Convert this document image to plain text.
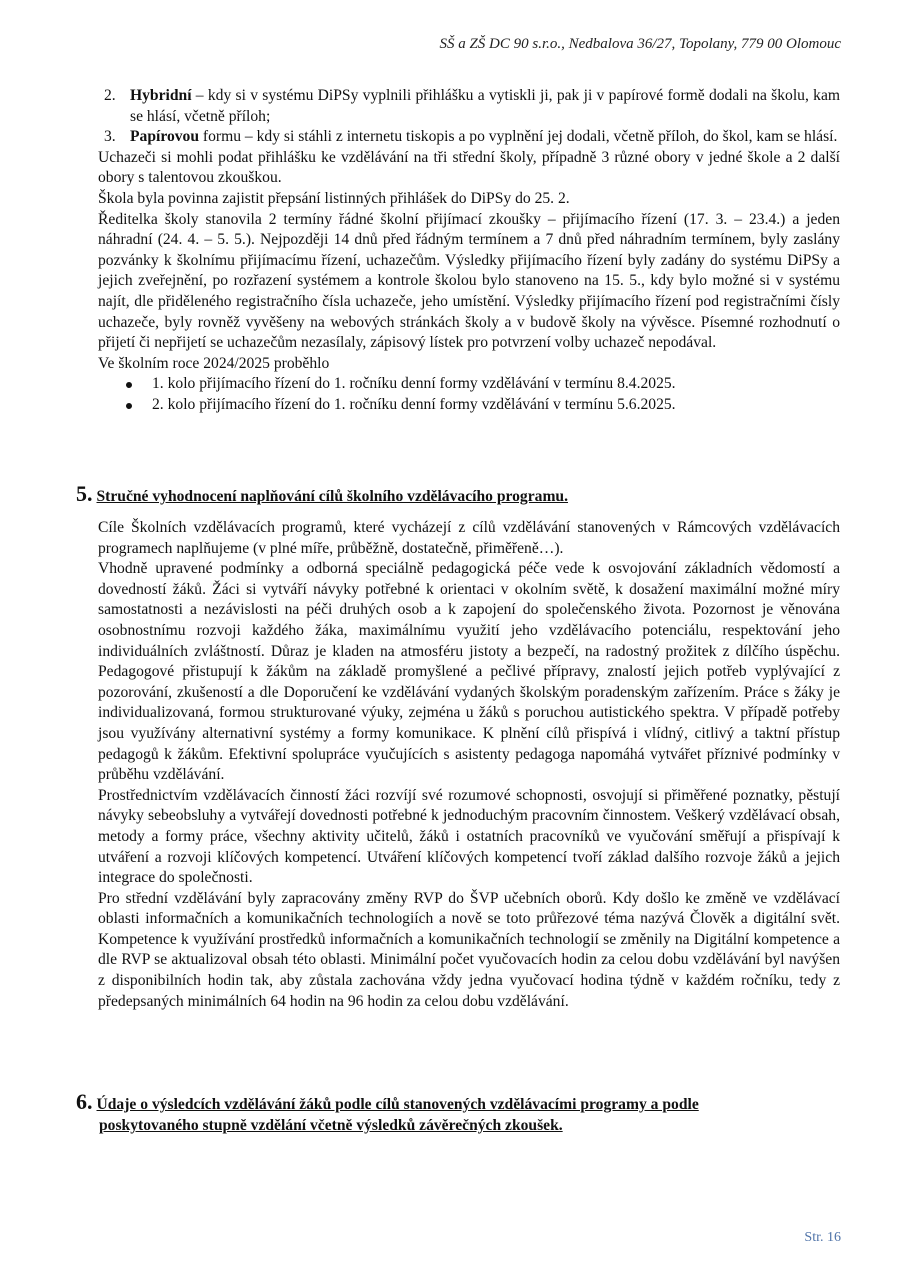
SŠ a ZŠ DC 90 s.r.o., Nedbalova 36/27, Topolany, 779 00 Olomouc
2. Hybridní – kdy si v systému DiPSy vyplnili přihlášku a vytiskli ji, pak ji v papírové formě dodali na školu, kam se hlásí, včetně příloh;
3. Papírovou formu – kdy si stáhli z internetu tiskopis a po vyplnění jej dodali, včetně příloh, do škol, kam se hlásí.

Uchazeči si mohli podat přihlášku ke vzdělávání na tři střední školy, případně 3 různé obory v jedné škole a 2 další obory s talentovou zkouškou.

Škola byla povinna zajistit přepsání listinných přihlášek do DiPSy do 25. 2.

Ředitelka školy stanovila 2 termíny řádné školní přijímací zkoušky – přijímacího řízení (17. 3. – 23.4.) a jeden náhradní (24. 4. – 5. 5.). Nejpozději 14 dnů před řádným termínem a 7 dnů před náhradním termínem, byly zaslány pozvánky k školnímu přijímacímu řízení, uchazečům. Výsledky přijímacího řízení byly zadány do systému DiPSy a jejich zveřejnění, po rozřazení systémem a kontrole školou bylo stanoveno na 15. 5., kdy bylo možné si v systému najít, dle přiděleného registračního čísla uchazeče, jeho umístění. Výsledky přijímacího řízení pod registračními čísly uchazeče, byly rovněž vyvěšeny na webových stránkách školy a v budově školy na vývěsce. Písemné rozhodnutí o přijetí či nepřijetí se uchazečům nezasílaly, zápisový lístek pro potvrzení volby uchazeč nepodával.

Ve školním roce 2024/2025 proběhlo

1. kolo přijímacího řízení do 1. ročníku denní formy vzdělávání v termínu 8.4.2025.
2. kolo přijímacího řízení do 1. ročníku denní formy vzdělávání v termínu 5.6.2025.
5. Stručné vyhodnocení naplňování cílů školního vzdělávacího programu.

Cíle Školních vzdělávacích programů, které vycházejí z cílů vzdělávání stanovených v Rámcových vzdělávacích programech naplňujeme (v plné míře, průběžně, dostatečně, přiměřeně…).

Vhodně upravené podmínky a odborná speciálně pedagogická péče vede k osvojování základních vědomostí a dovedností žáků. Žáci si vytváří návyky potřebné k orientaci v okolním světě, k dosažení maximální možné míry samostatnosti a nezávislosti na péči druhých osob a k zapojení do společenského života. Pozornost je věnována osobnostnímu rozvoji každého žáka, maximálnímu využití jeho vzdělávacího potenciálu, respektování jeho individuálních zvláštností. Důraz je kladen na atmosféru jistoty a bezpečí, na radostný prožitek z dílčího úspěchu. Pedagogové přistupují k žákům na základě promyšlené a pečlivé přípravy, znalostí jejich potřeb vyplývající z pozorování, zkušeností a dle Doporučení ke vzdělávání vydaných školským poradenským zařízením. Práce s žáky je individualizovaná, formou strukturované výuky, zejména u žáků s poruchou autistického spektra. V případě potřeby jsou využívány alternativní systémy a formy komunikace. K plnění cílů přispívá i vlídný, citlivý a taktní přístup pedagogů k žákům. Efektivní spolupráce vyučujících s asistenty pedagoga napomáhá vytvářet příznivé podmínky v průběhu vzdělávání.

Prostřednictvím vzdělávacích činností žáci rozvíjí své rozumové schopnosti, osvojují si přiměřené poznatky, pěstují návyky sebeobsluhy a vytvářejí dovednosti potřebné k jednoduchým pracovním činnostem. Veškerý vzdělávací obsah, metody a formy práce, všechny aktivity učitelů, žáků i ostatních pracovníků ve vyučování směřují a přispívají k utváření a rozvoji klíčových kompetencí. Utváření klíčových kompetencí tvoří základ dalšího rozvoje žáků a jejich integrace do společnosti.

Pro střední vzdělávání byly zapracovány změny RVP do ŠVP učebních oborů. Kdy došlo ke změně ve vzdělávací oblasti informačních a komunikačních technologiích a nově se toto průřezové téma nazývá Člověk a digitální svět. Kompetence k využívání prostředků informačních a komunikačních technologií se změnily na Digitální kompetence a dle RVP se aktualizoval obsah této oblasti. Minimální počet vyučovacích hodin za celou dobu vzdělávání byl navýšen z disponibilních hodin tak, aby zůstala zachována vždy jedna vyučovací hodina týdně v každém ročníku, tedy z předepsaných minimálních 64 hodin na 96 hodin za celou dobu vzdělávání.

6. Údaje o výsledcích vzdělávání žáků podle cílů stanovených vzdělávacími programy a podle
poskytovaného stupně vzdělání včetně výsledků závěrečných zkoušek.
Str. 16
